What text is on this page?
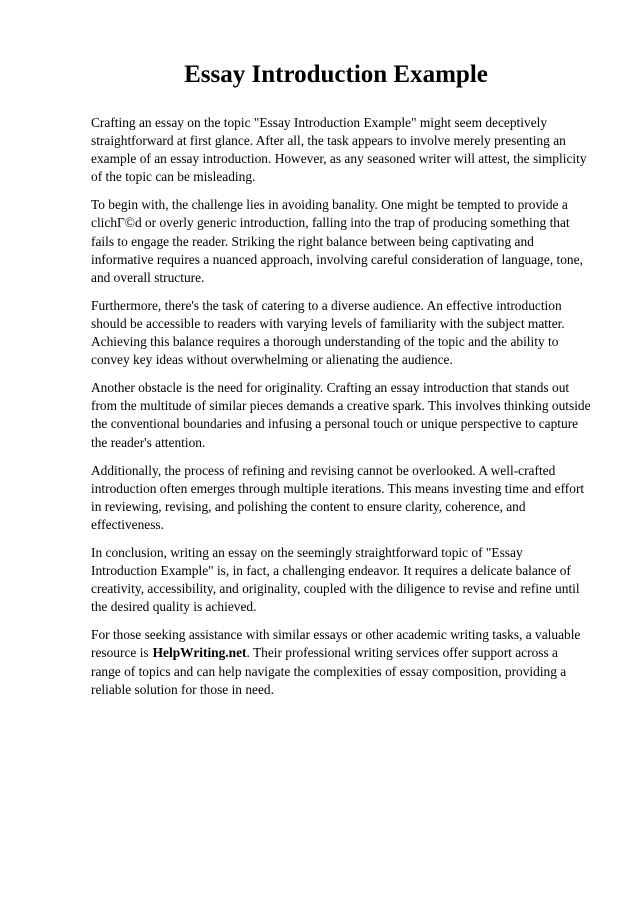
Essay Introduction Example

Crafting an essay on the topic "Essay Introduction Example" might seem deceptively straightforward at first glance. After all, the task appears to involve merely presenting an example of an essay introduction. However, as any seasoned writer will attest, the simplicity of the topic can be misleading.

To begin with, the challenge lies in avoiding banality. One might be tempted to provide a clichГ©d or overly generic introduction, falling into the trap of producing something that fails to engage the reader. Striking the right balance between being captivating and informative requires a nuanced approach, involving careful consideration of language, tone, and overall structure.

Furthermore, there's the task of catering to a diverse audience. An effective introduction should be accessible to readers with varying levels of familiarity with the subject matter. Achieving this balance requires a thorough understanding of the topic and the ability to convey key ideas without overwhelming or alienating the audience.

Another obstacle is the need for originality. Crafting an essay introduction that stands out from the multitude of similar pieces demands a creative spark. This involves thinking outside the conventional boundaries and infusing a personal touch or unique perspective to capture the reader's attention.

Additionally, the process of refining and revising cannot be overlooked. A well-crafted introduction often emerges through multiple iterations. This means investing time and effort in reviewing, revising, and polishing the content to ensure clarity, coherence, and effectiveness.

In conclusion, writing an essay on the seemingly straightforward topic of "Essay Introduction Example" is, in fact, a challenging endeavor. It requires a delicate balance of creativity, accessibility, and originality, coupled with the diligence to revise and refine until the desired quality is achieved.

For those seeking assistance with similar essays or other academic writing tasks, a valuable resource is HelpWriting.net. Their professional writing services offer support across a range of topics and can help navigate the complexities of essay composition, providing a reliable solution for those in need.
